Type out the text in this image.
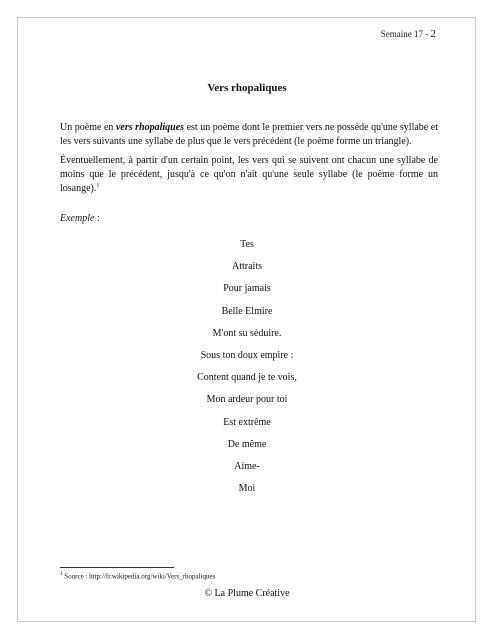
Semaine 17 - 2
Vers rhopaliques
Un poème en vers rhopaliques est un poème dont le premier vers ne possède qu'une syllabe et les vers suivants une syllabe de plus que le vers précédent (le poème forme un triangle).
Éventuellement, à partir d'un certain point, les vers qui se suivent ont chacun une syllabe de moins que le précédent, jusqu'à ce qu'on n'ait qu'une seule syllabe (le poème forme un losange).$^1$
Exemple :
Tes
Attraits
Pour jamais
Belle Elmire
M'ont su séduire.
Sous ton doux empire :
Content quand je te vois,
Mon ardeur pour toi
Est extrême
De même
Aime-
Moi
$^1$ Source : http://fr.wikipedia.org/wiki/Vers_rhopaliques
© La Plume Créative
